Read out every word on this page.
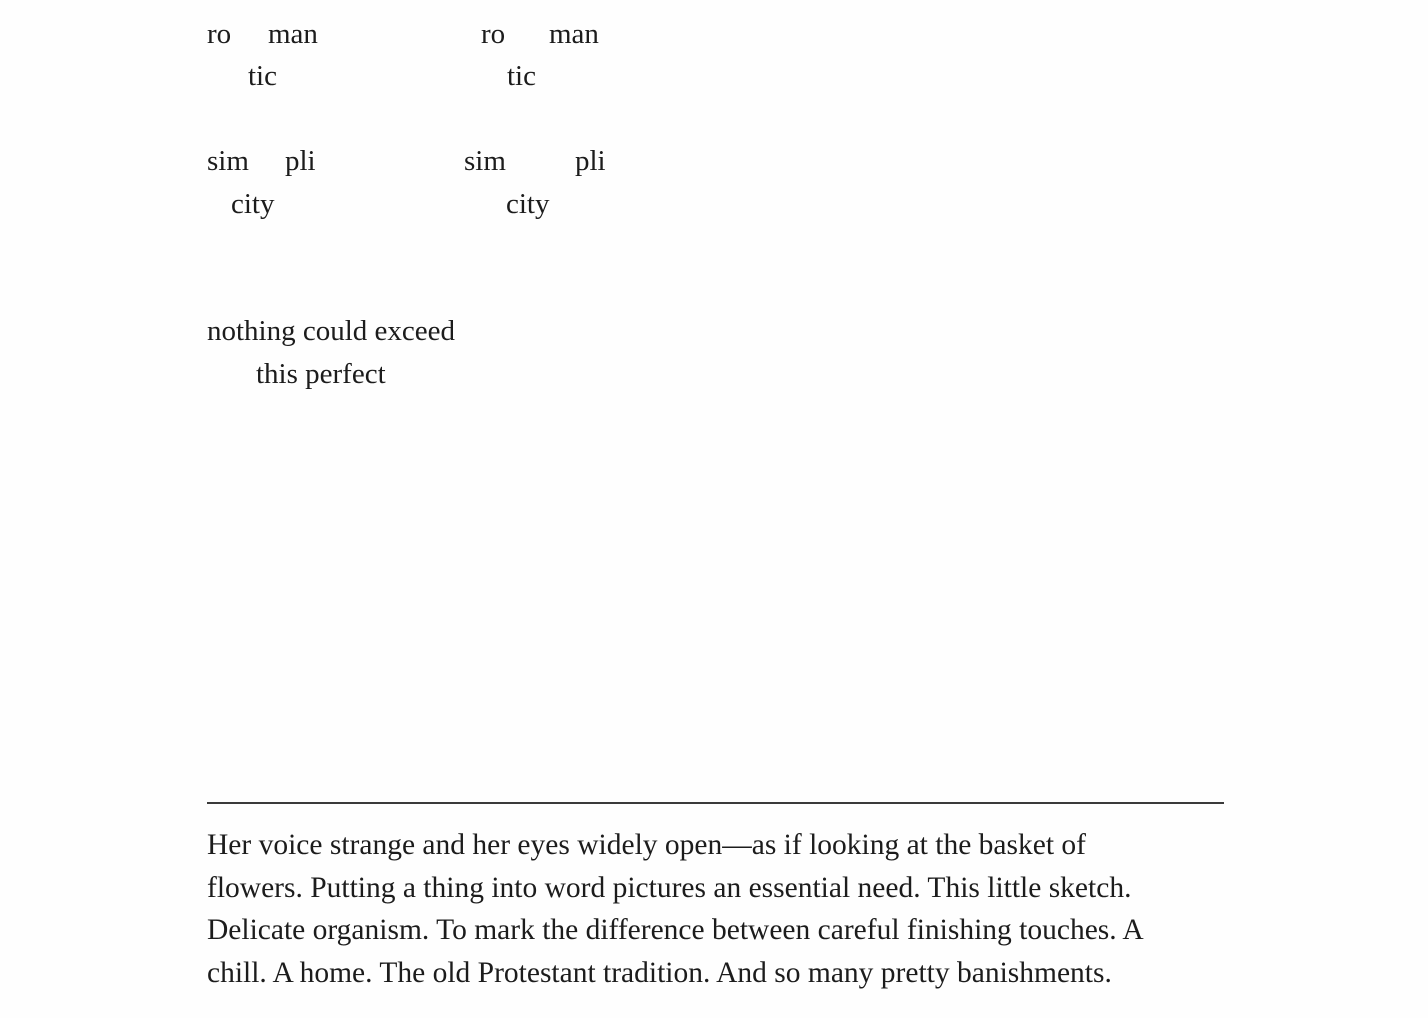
ro man
tic
ro man
tic
sim pli
city
sim pli
city
nothing could exceed
this perfect

Her voice strange and her eyes widely open—as if looking at the basket of
flowers. Putting a thing into word pictures an essential need. This little sketch.
Delicate organism. To mark the difference between careful finishing touches. A
chill. A home. The old Protestant tradition. And so many pretty banishments.
